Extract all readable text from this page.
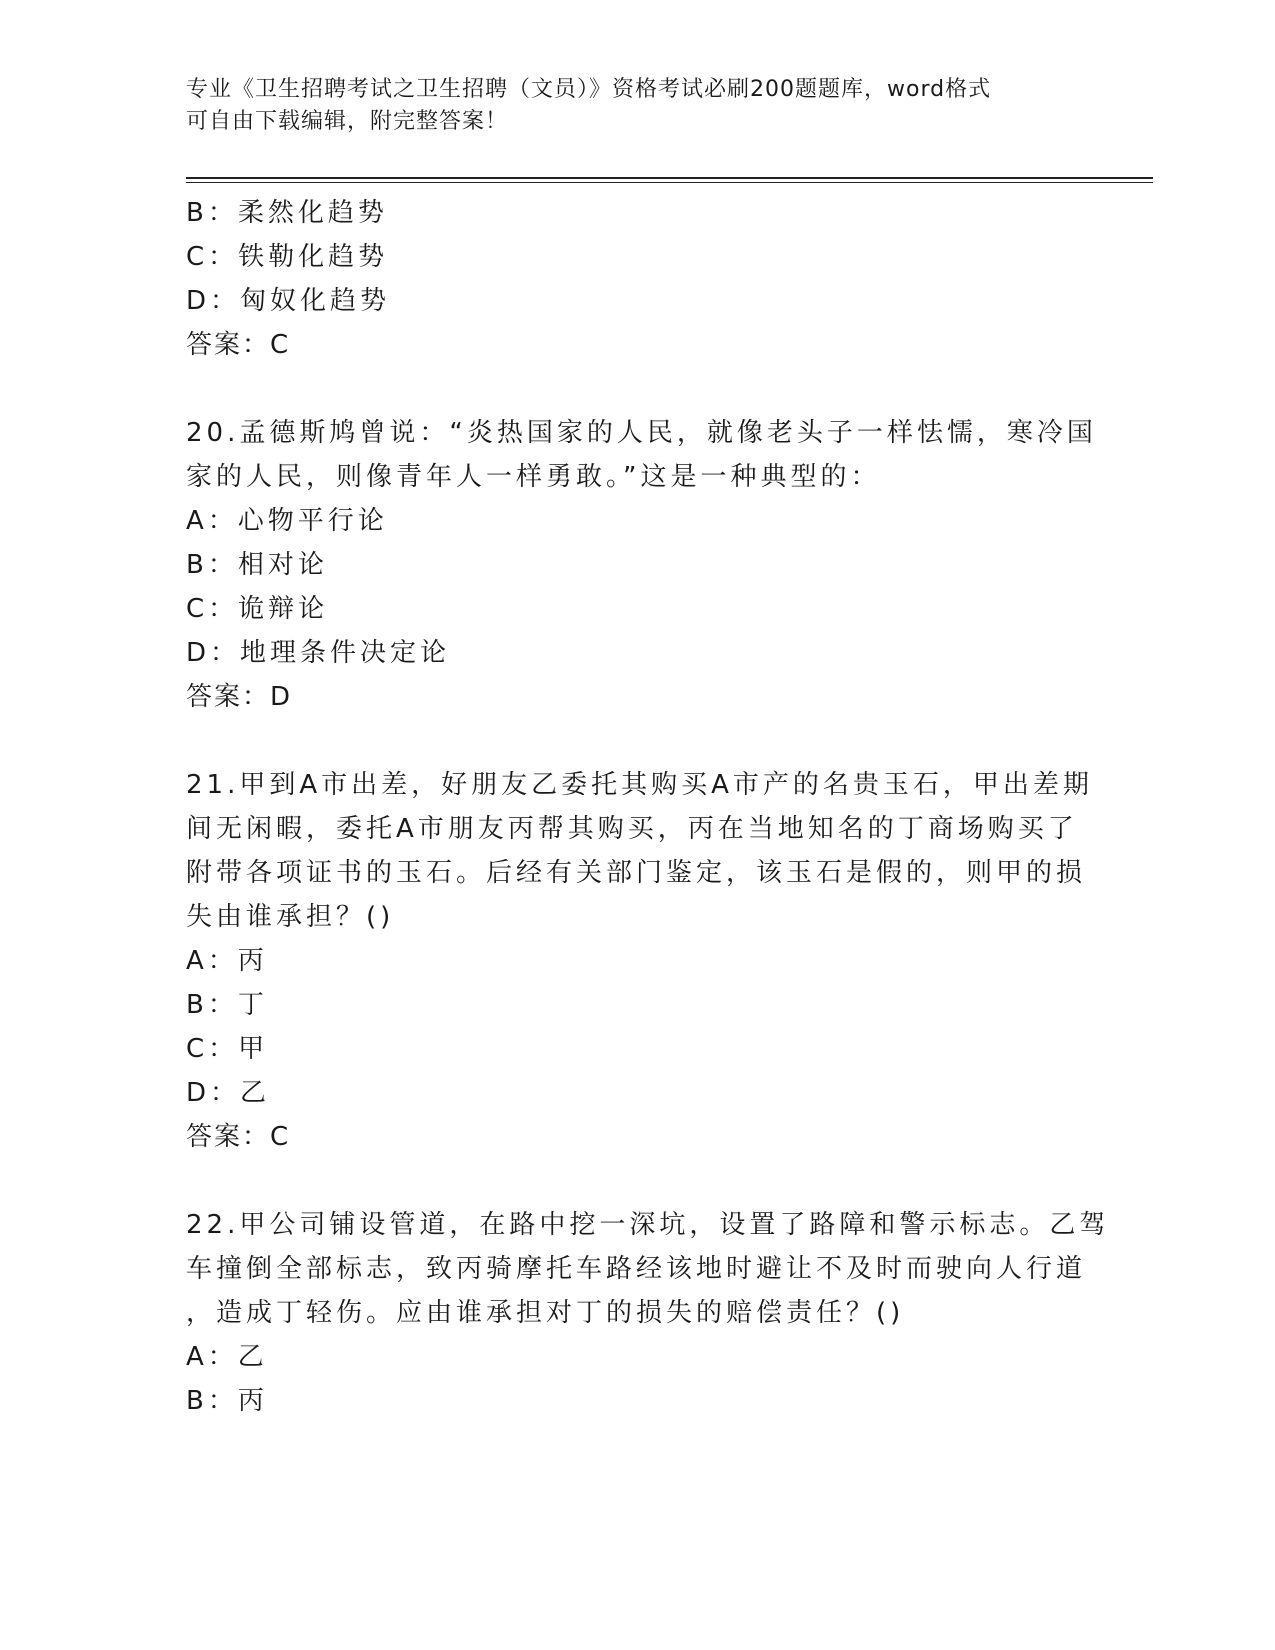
专业《卫生招聘考试之卫生招聘（文员）》资格考试必刷200题题库，word格式
可自由下载编辑，附完整答案！
B：柔然化趋势
C：铁勒化趋势
D：匈奴化趋势
答案：C
20.孟德斯鸠曾说：“炎热国家的人民，就像老头子一样怯懦，寒冷国
家的人民，则像青年人一样勇敢。”这是一种典型的：
A：心物平行论
B：相对论
C：诡辩论
D：地理条件决定论
答案：D
21.甲到A市出差，好朋友乙委托其购买A市产的名贵玉石，甲出差期
间无闲暇，委托A市朋友丙帮其购买，丙在当地知名的丁商场购买了
附带各项证书的玉石。后经有关部门鉴定，该玉石是假的，则甲的损
失由谁承担？()
A：丙
B：丁
C：甲
D：乙
答案：C
22.甲公司铺设管道，在路中挖一深坑，设置了路障和警示标志。乙驾
车撞倒全部标志，致丙骑摩托车路经该地时避让不及时而驶向人行道
，造成丁轻伤。应由谁承担对丁的损失的赔偿责任？()
A：乙
B：丙
